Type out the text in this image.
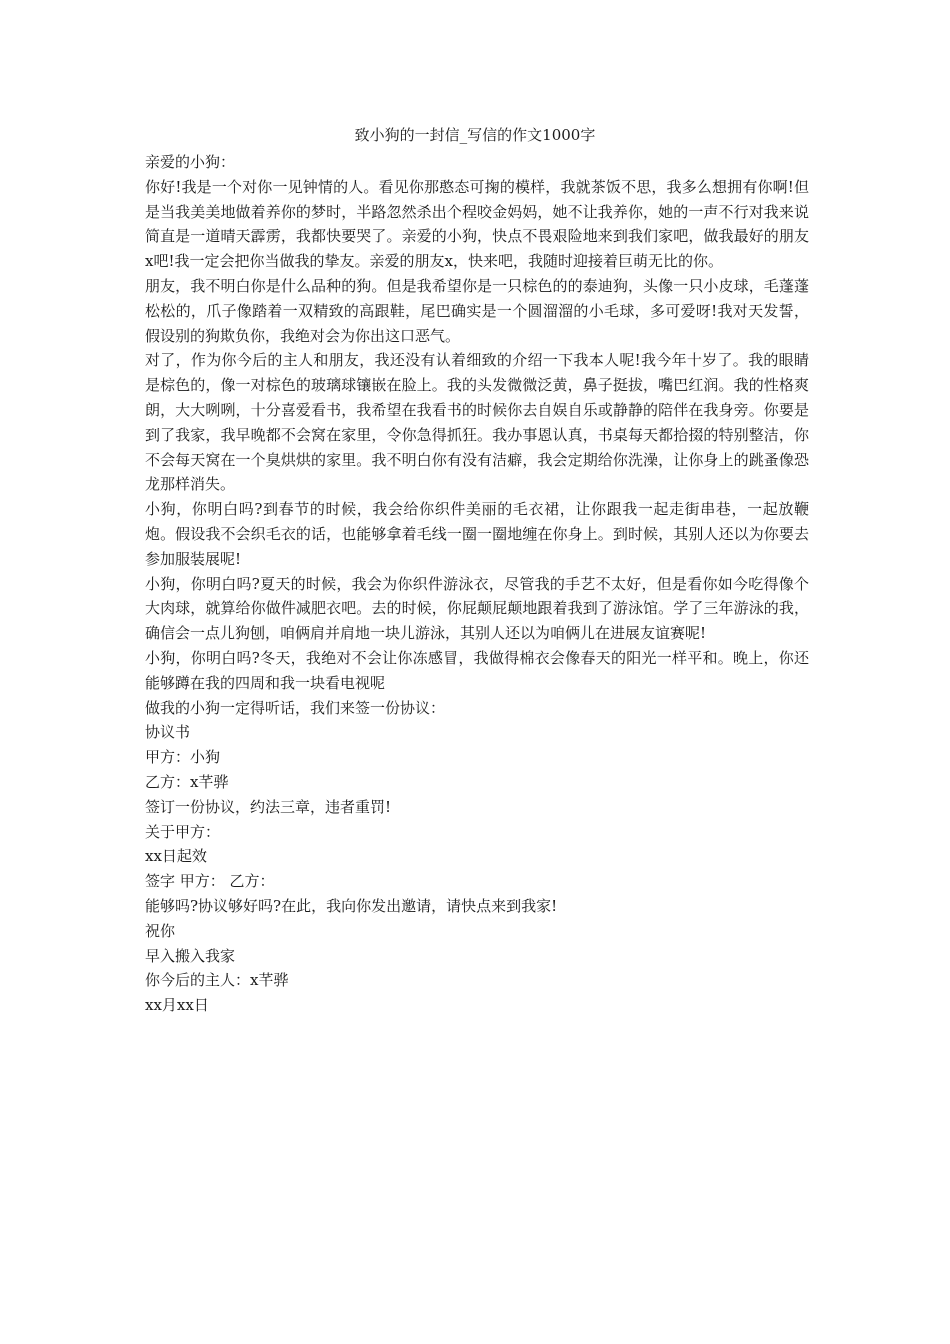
致小狗的一封信_写信的作文1000字

亲爱的小狗：

你好!我是一个对你一见钟情的人。看见你那憨态可掬的模样，我就茶饭不思，我多么想拥有你啊!但是当我美美地做着养你的梦时，半路忽然杀出个程咬金妈妈，她不让我养你，她的一声不行对我来说简直是一道晴天霹雳，我都快要哭了。亲爱的小狗，快点不畏艰险地来到我们家吧，做我最好的朋友x吧!我一定会把你当做我的挚友。亲爱的朋友x，快来吧，我随时迎接着巨萌无比的你。

朋友，我不明白你是什么品种的狗。但是我希望你是一只棕色的的泰迪狗，头像一只小皮球，毛蓬蓬松松的，爪子像踏着一双精致的高跟鞋，尾巴确实是一个圆溜溜的小毛球，多可爱呀!我对天发誓，假设别的狗欺负你，我绝对会为你出这口恶气。

对了，作为你今后的主人和朋友，我还没有认着细致的介绍一下我本人呢!我今年十岁了。我的眼睛是棕色的，像一对棕色的玻璃球镶嵌在脸上。我的头发微微泛黄，鼻子挺拔，嘴巴红润。我的性格爽朗，大大咧咧，十分喜爱看书，我希望在我看书的时候你去自娱自乐或静静的陪伴在我身旁。你要是到了我家，我早晚都不会窝在家里，令你急得抓狂。我办事恩认真，书桌每天都拾掇的特别整洁，你不会每天窝在一个臭烘烘的家里。我不明白你有没有洁癖，我会定期给你洗澡，让你身上的跳蚤像恐龙那样消失。

小狗，你明白吗?到春节的时候，我会给你织件美丽的毛衣裙，让你跟我一起走街串巷，一起放鞭炮。假设我不会织毛衣的话，也能够拿着毛线一圈一圈地缠在你身上。到时候，其别人还以为你要去参加服装展呢!

小狗，你明白吗?夏天的时候，我会为你织件游泳衣，尽管我的手艺不太好，但是看你如今吃得像个大肉球，就算给你做件减肥衣吧。去的时候，你屁颠屁颠地跟着我到了游泳馆。学了三年游泳的我，确信会一点儿狗刨，咱俩肩并肩地一块儿游泳，其别人还以为咱俩儿在进展友谊赛呢!

小狗，你明白吗?冬天，我绝对不会让你冻感冒，我做得棉衣会像春天的阳光一样平和。晚上，你还能够蹲在我的四周和我一块看电视呢

做我的小狗一定得听话，我们来签一份协议：

协议书

甲方：小狗

乙方：x芊骅

签订一份协议，约法三章，违者重罚!

关于甲方：

xx日起效

签字 甲方： 乙方：

能够吗?协议够好吗?在此，我向你发出邀请，请快点来到我家!

祝你

早入搬入我家

你今后的主人：x芊骅

xx月xx日
